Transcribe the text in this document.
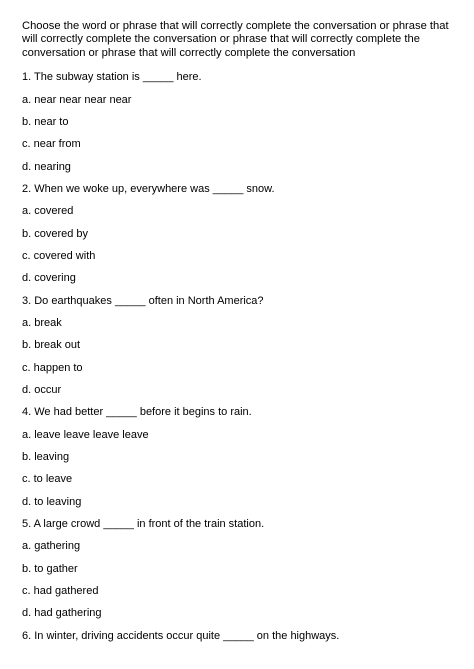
Choose the word or phrase that will correctly complete the conversation or phrase that will correctly complete the conversation or phrase that will correctly complete the conversation or phrase that will correctly complete the conversation
1. The subway station is _____ here.
a. near near near near
b. near to
c. near from
d. nearing
2. When we woke up, everywhere was _____ snow.
a. covered
b. covered by
c. covered with
d. covering
3. Do earthquakes _____ often in North America?
a. break
b. break out
c. happen to
d. occur
4. We had better _____ before it begins to rain.
a. leave leave leave leave
b. leaving
c. to leave
d. to leaving
5. A large crowd _____ in front of the train station.
a. gathering
b. to gather
c. had gathered
d. had gathering
6. In winter, driving accidents occur quite _____ on the highways.
